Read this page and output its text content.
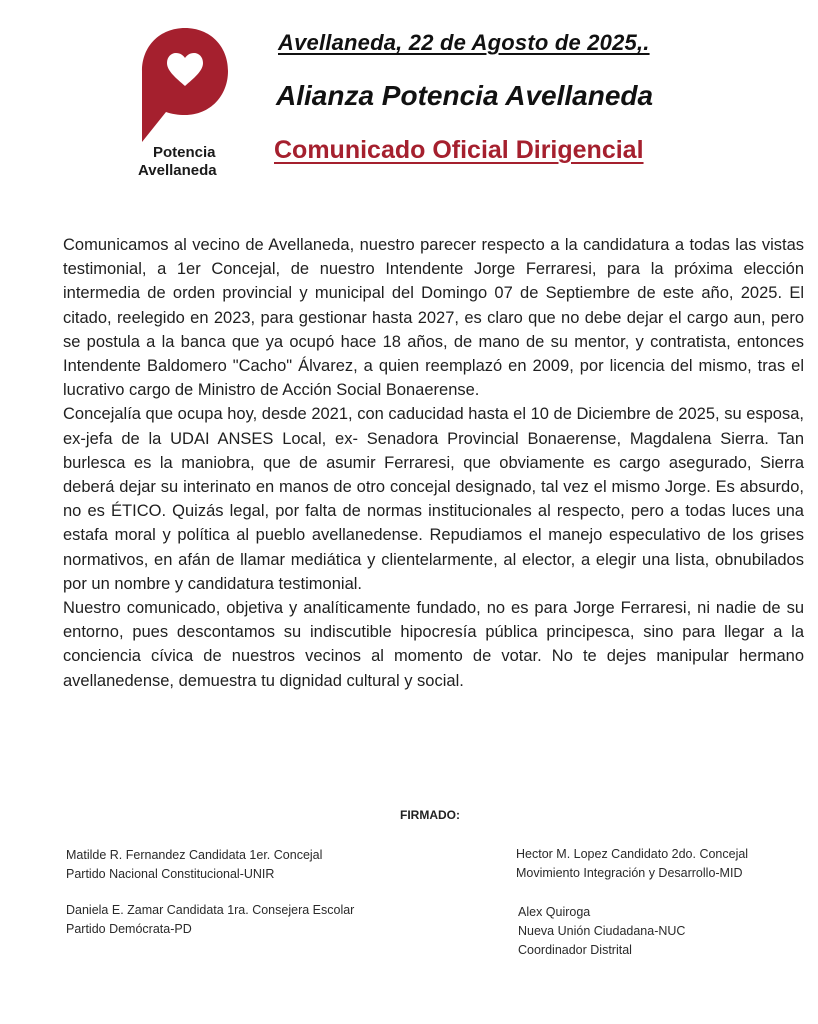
Potencia
Avellaneda
Avellaneda, 22 de Agosto de 2025,.
Alianza Potencia Avellaneda
Comunicado Oficial Dirigencial

Comunicamos al vecino de Avellaneda, nuestro parecer respecto a la candidatura a todas las vistas testimonial, a 1er Concejal, de nuestro Intendente Jorge Ferraresi, para la próxima elección intermedia de orden provincial y municipal del Domingo 07 de Septiembre de este año, 2025. El citado, reelegido en 2023, para gestionar hasta 2027, es claro que no debe dejar el cargo aun, pero se postula a la banca que ya ocupó hace 18 años, de mano de su mentor, y contratista, entonces Intendente Baldomero "Cacho" Álvarez, a quien reemplazó en 2009, por licencia del mismo, tras el lucrativo cargo de Ministro de Acción Social Bonaerense.

Concejalía que ocupa hoy, desde 2021, con caducidad hasta el 10 de Diciembre de 2025, su esposa, ex-jefa de la UDAI ANSES Local, ex- Senadora Provincial Bonaerense, Magdalena Sierra. Tan burlesca es la maniobra, que de asumir Ferraresi, que obviamente es cargo asegurado, Sierra deberá dejar su interinato en manos de otro concejal designado, tal vez el mismo Jorge. Es absurdo, no es ÉTICO. Quizás legal, por falta de normas institucionales al respecto, pero a todas luces una estafa moral y política al pueblo avellanedense. Repudiamos el manejo especulativo de los grises normativos, en afán de llamar mediática y clientelarmente, al elector, a elegir una lista, obnubilados por un nombre y candidatura testimonial.

Nuestro comunicado, objetiva y analíticamente fundado, no es para Jorge Ferraresi, ni nadie de su entorno, pues descontamos su indiscutible hipocresía pública principesca, sino para llegar a la conciencia cívica de nuestros vecinos al momento de votar. No te dejes manipular hermano avellanedense, demuestra tu dignidad cultural y social.

FIRMADO:
Matilde R. Fernandez Candidata 1er. Concejal
Partido Nacional Constitucional-UNIR
Daniela E. Zamar Candidata 1ra. Consejera Escolar
Partido Demócrata-PD
Hector M. Lopez Candidato 2do. Concejal
Movimiento Integración y Desarrollo-MID
Alex Quiroga
Nueva Unión Ciudadana-NUC
Coordinador Distrital
